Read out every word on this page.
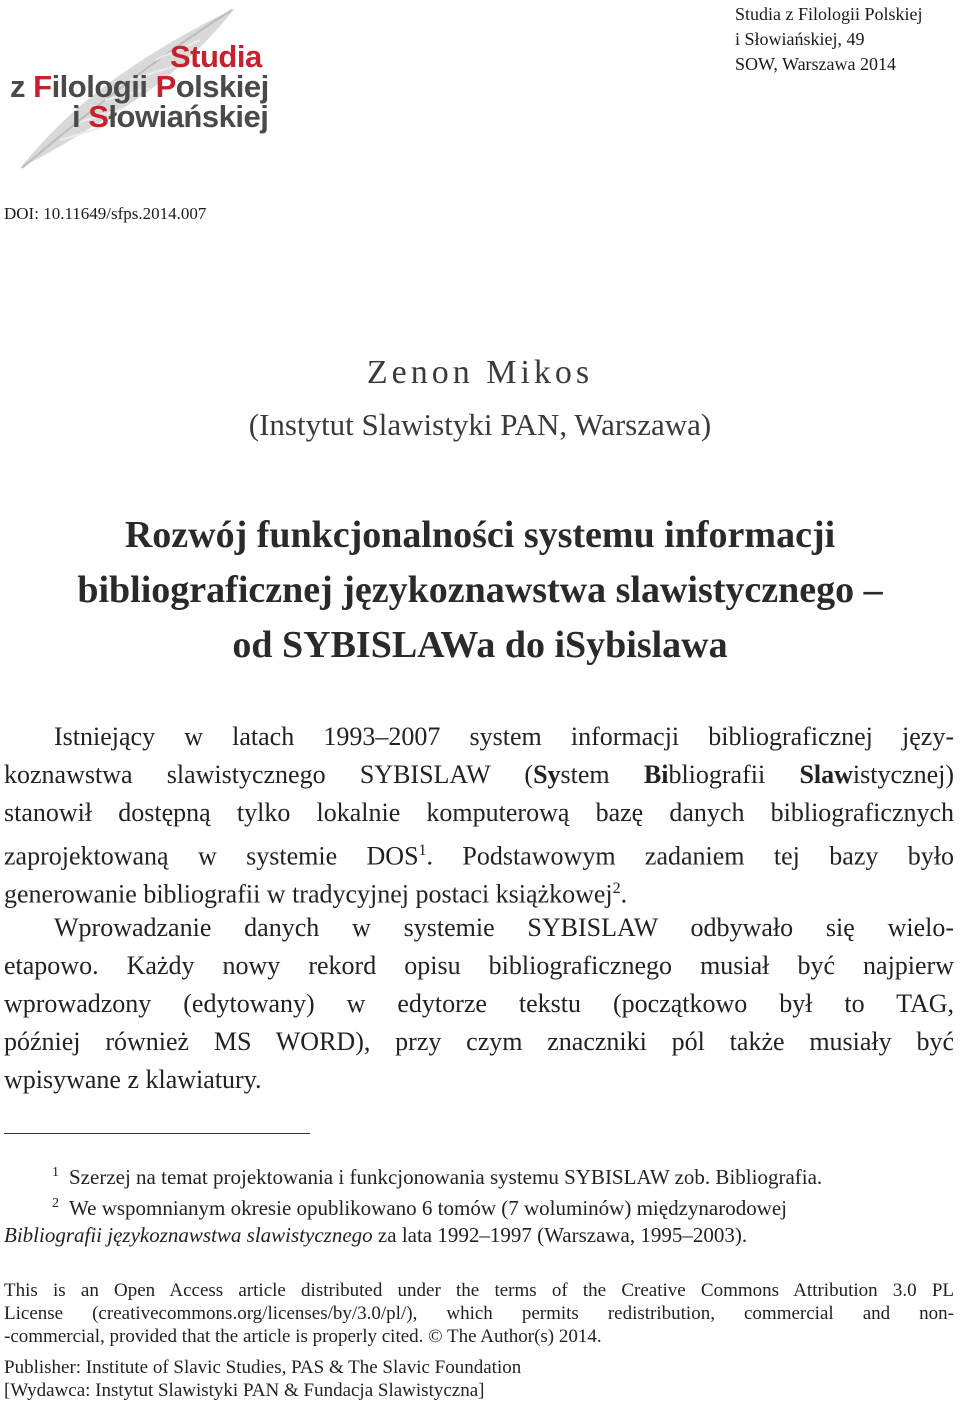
Studia
z Filologii Polskiej
i Słowiańskiej
Studia z Filologii Polskiej
i Słowiańskiej, 49
SOW, Warszawa 2014
DOI: 10.11649/sfps.2014.007
Zenon Mikos
(Instytut Slawistyki PAN, Warszawa)
Rozwój funkcjonalności systemu informacji
bibliograficznej językoznawstwa slawistycznego –
od SYBISLAWa do iSybislawa
Istniejący w latach 1993–2007 system informacji bibliograficznej języ-
koznawstwa slawistycznego SYBISLAW (System Bibliografii Slawistycznej)
stanowił dostępną tylko lokalnie komputerową bazę danych bibliograficznych
zaprojektowaną w systemie DOS$^1$. Podstawowym zadaniem tej bazy było
generowanie bibliografii w tradycyjnej postaci książkowej$^2$.
Wprowadzanie danych w systemie SYBISLAW odbywało się wielo-
etapowo. Każdy nowy rekord opisu bibliograficznego musiał być najpierw
wprowadzony (edytowany) w edytorze tekstu (początkowo był to TAG,
później również MS WORD), przy czym znaczniki pól także musiały być
wpisywane z klawiatury.
$^1$ Szerzej na temat projektowania i funkcjonowania systemu SYBISLAW zob. Bibliografia.
$^2$ We wspomnianym okresie opublikowano 6 tomów (7 woluminów) międzynarodowej
Bibliografii językoznawstwa slawistycznego za lata 1992–1997 (Warszawa, 1995–2003).
This is an Open Access article distributed under the terms of the Creative Commons Attribution 3.0 PL
License (creativecommons.org/licenses/by/3.0/pl/), which permits redistribution, commercial and non-
-commercial, provided that the article is properly cited. © The Author(s) 2014.
Publisher: Institute of Slavic Studies, PAS & The Slavic Foundation
[Wydawca: Instytut Slawistyki PAN & Fundacja Slawistyczna]
